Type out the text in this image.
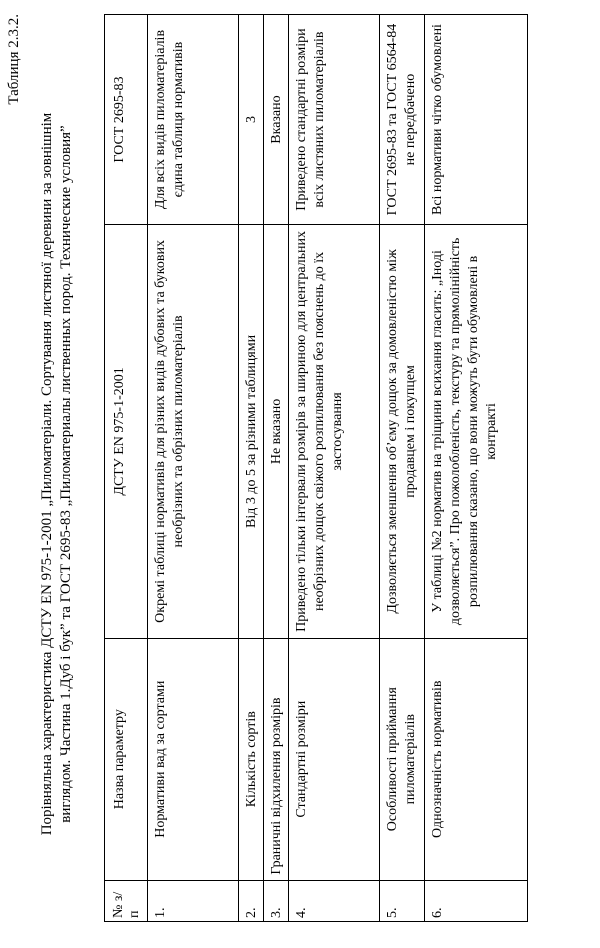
Таблиця 2.3.2.
Порівняльна характеристика ДСТУ EN 975-1-2001 „Пиломатеріали. Сортування листяної деревини за зовнішнім виглядом. Частина 1.Дуб і бук” та ГОСТ 2695-83 „Пиломатериалы лиственных пород. Технические условия”
№ з/п	Назва параметру	ДСТУ EN 975-1-2001	ГОСТ 2695-83
1.	Нормативи вад за сортами	Окремі таблиці нормативів для різних видів дубових та букових необрізних та обрізних пиломатеріалів	Для всіх видів пиломатеріалів єдина таблиця нормативів
2.	Кількість сортів	Від 3 до 5 за різними таблицями	3
3.	Граничні відхилення розмірів	Не вказано	Вказано
4.	Стандартні розміри	Приведено тільки інтервали розмірів за шириною для центральних необрізних дощок свіжого розпилювання без пояснень до їх застосування	Приведено стандартні розміри всіх листяних пиломатеріалів
5.	Особливості приймання пиломатеріалів	Дозволяється зменшення об’єму дощок за домовленістю між продавцем і покупцем	ГОСТ 2695-83 та ГОСТ 6564-84 не передбачено
6.	Однозначність нормативів	У таблиці №2 норматив на тріщини всихання гласить: „Іноді дозволяється”. Про пожолобленість, текстуру та прямолінійність розпилювання сказано, що вони можуть бути обумовлені в контракті	Всі нормативи чітко обумовлені
